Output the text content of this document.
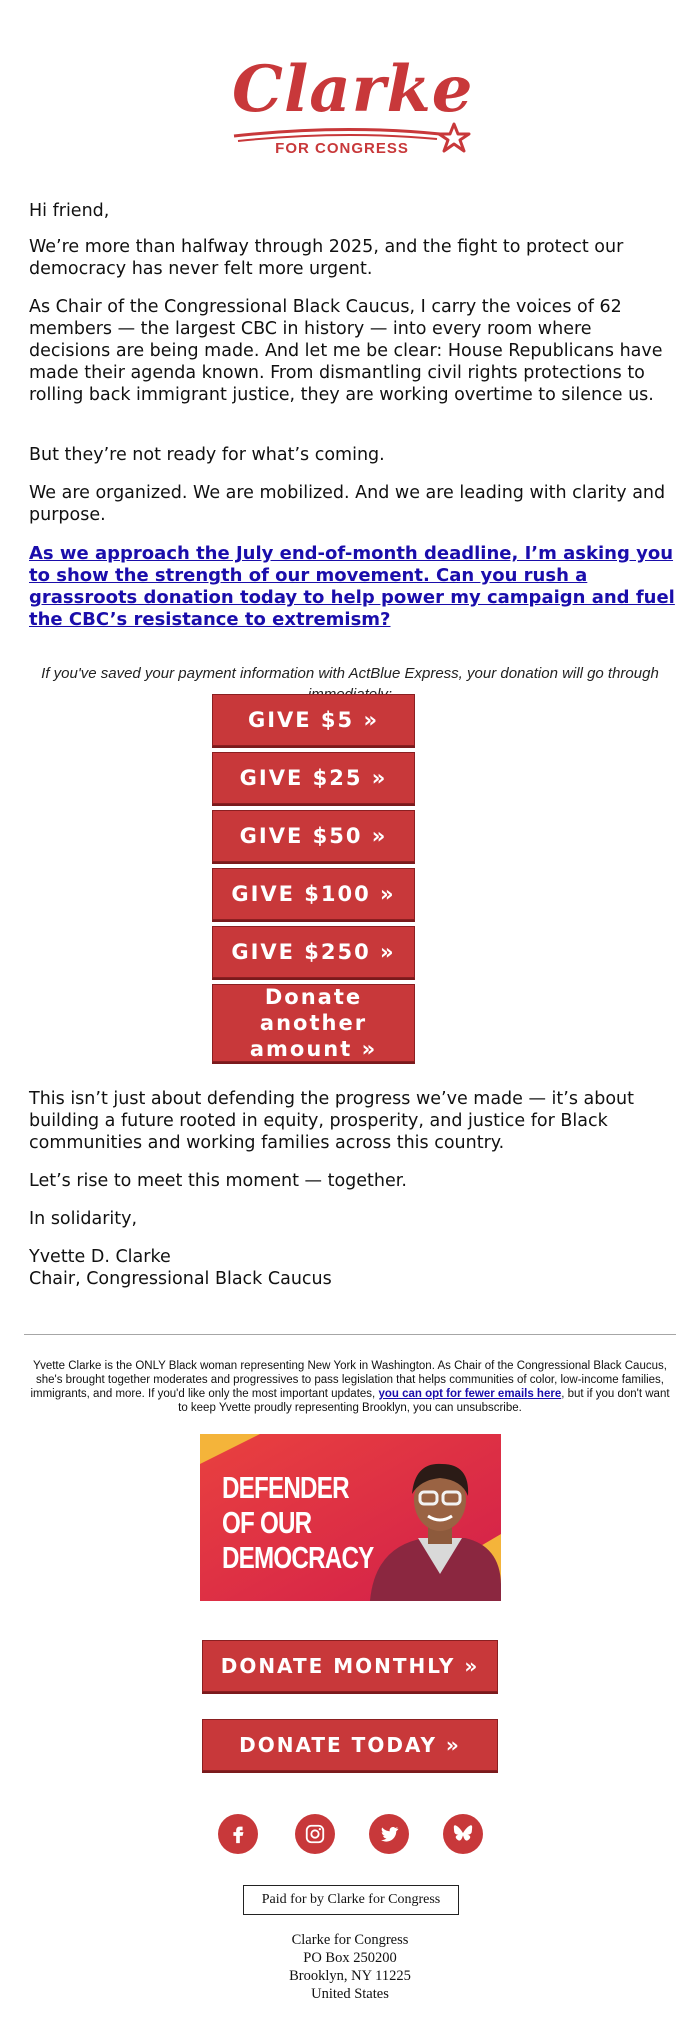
Clarke
FOR CONGRESS

Hi friend,

We’re more than halfway through 2025, and the fight to protect our democracy has never felt more urgent.

As Chair of the Congressional Black Caucus, I carry the voices of 62 members — the largest CBC in history — into every room where decisions are being made. And let me be clear: House Republicans have made their agenda known. From dismantling civil rights protections to rolling back immigrant justice, they are working overtime to silence us.

But they’re not ready for what’s coming.

We are organized. We are mobilized. And we are leading with clarity and purpose.

As we approach the July end-of-month deadline, I’m asking you to show the strength of our movement. Can you rush a grassroots donation today to help power my campaign and fuel the CBC’s resistance to extremism?

If you've saved your payment information with ActBlue Express, your donation will go through

GIVE $5 »
GIVE $25 »
GIVE $50 »
GIVE $100 »
GIVE $250 »
Donate another amount »

This isn’t just about defending the progress we’ve made — it’s about building a future rooted in equity, prosperity, and justice for Black communities and working families across this country.

Let’s rise to meet this moment — together.

In solidarity,

Yvette D. Clarke

Chair, Congressional Black Caucus

Yvette Clarke is the ONLY Black woman representing New York in Washington. As Chair of the Congressional Black Caucus, she's brought together moderates and progressives to pass legislation that helps communities of color, low-income families, immigrants, and more. If you'd like only the most important updates, you can opt for fewer emails here, but if you don't want to keep Yvette proudly representing Brooklyn, you can unsubscribe.
DEFENDER
OF OUR
DEMOCRACY
DONATE MONTHLY »
DONATE TODAY »
Paid for by Clarke for Congress
Clarke for Congress
PO Box 250200
Brooklyn, NY 11225
United States
